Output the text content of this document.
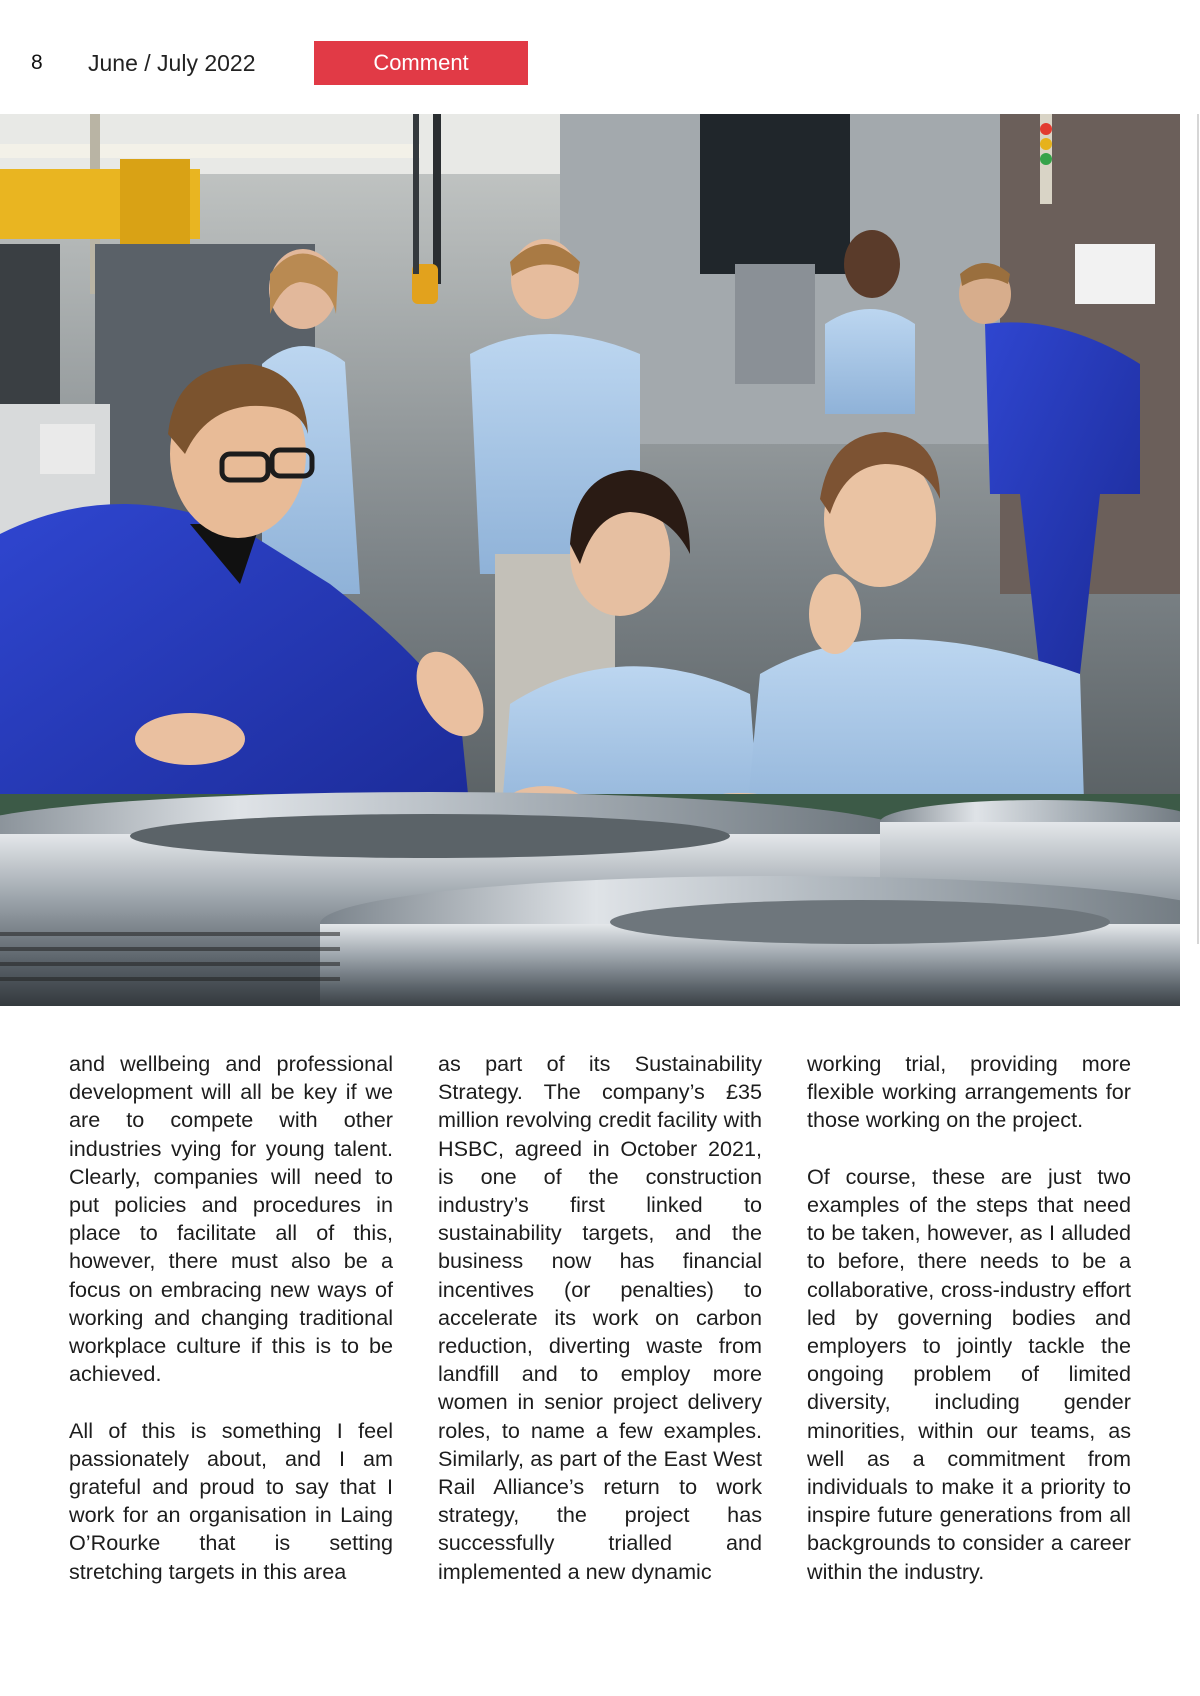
8 June / July 2022	Comment

and wellbeing and professional development will all be key if we are to compete with other industries vying for young talent. Clearly, companies will need to put policies and procedures in place to facilitate all of this, however, there must also be a focus on embracing new ways of working and changing traditional workplace culture if this is to be achieved.

All of this is something I feel passionately about, and I am grateful and proud to say that I work for an organisation in Laing O’Rourke that is setting stretching targets in this area

as part of its Sustainability Strategy. The company’s £35 million revolving credit facility with HSBC, agreed in October 2021, is one of the construction industry’s first linked to sustainability targets, and the business now has financial incentives (or penalties) to accelerate its work on carbon reduction, diverting waste from landfill and to employ more women in senior project delivery roles, to name a few examples. Similarly, as part of the East West Rail Alliance’s return to work strategy, the project has successfully trialled and implemented a new dynamic

working trial, providing more flexible working arrangements for those working on the project.

Of course, these are just two examples of the steps that need to be taken, however, as I alluded to before, there needs to be a collaborative, cross-industry effort led by governing bodies and employers to jointly tackle the ongoing problem of limited diversity, including gender minorities, within our teams, as well as a commitment from individuals to make it a priority to inspire future generations from all backgrounds to consider a career within the industry.
